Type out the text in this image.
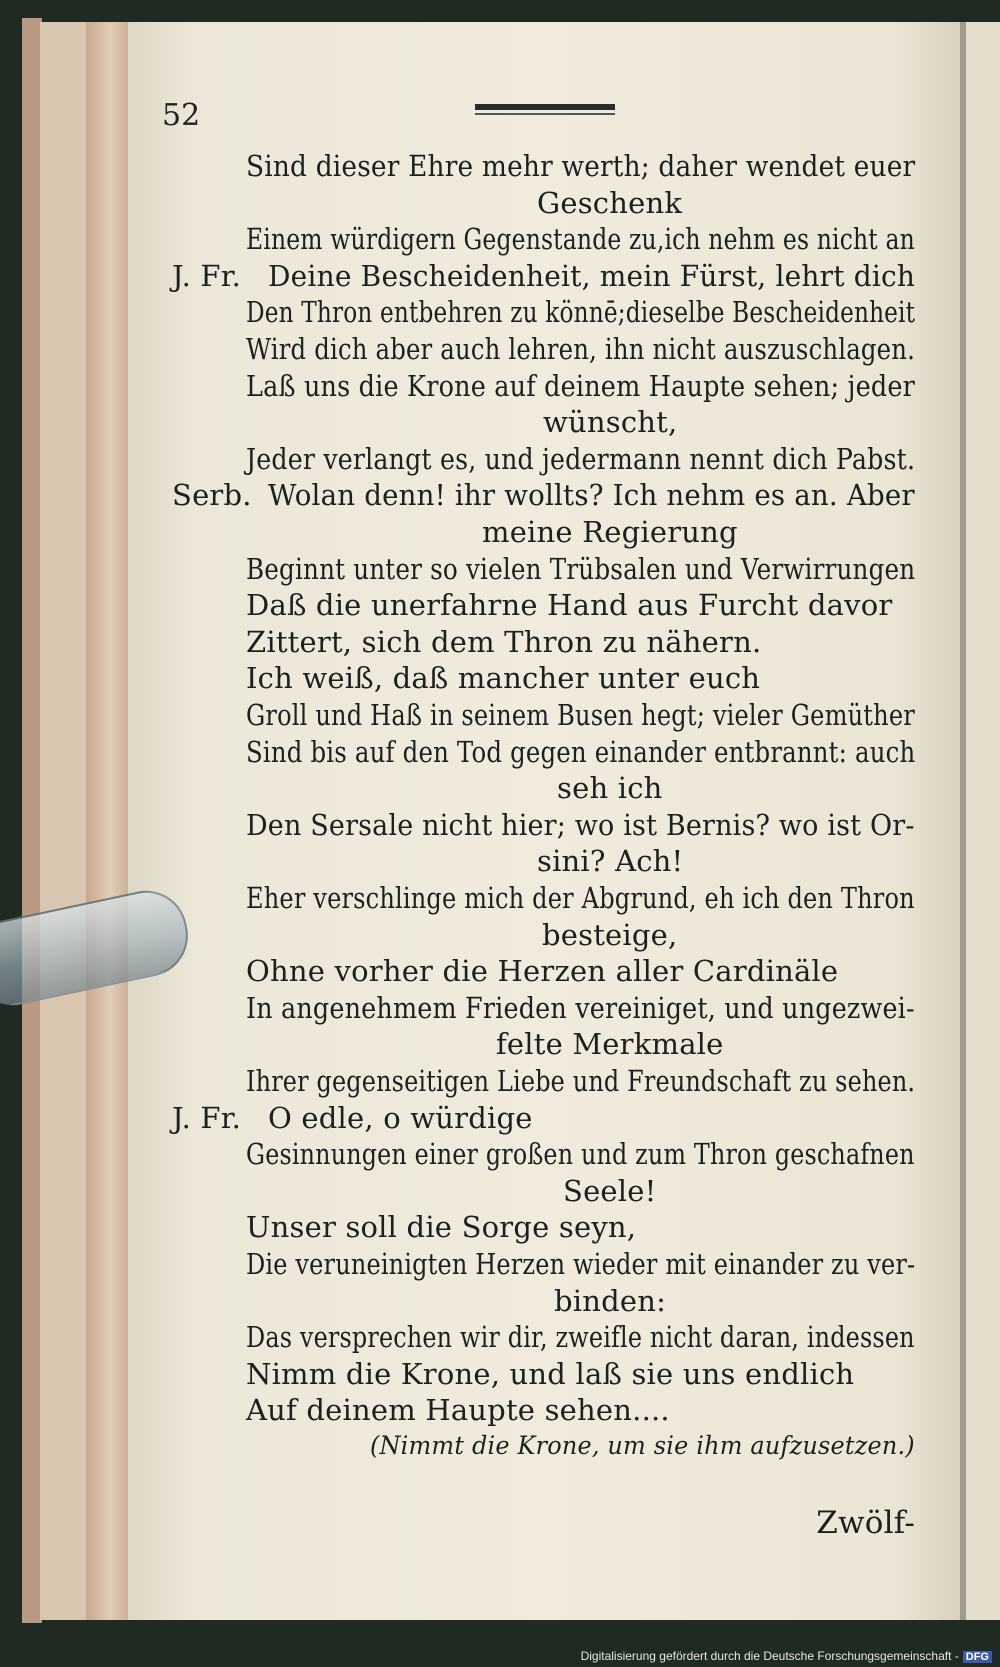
52
Sind dieser Ehre mehr werth; daher wendet euer
Geschenk
Einem würdigern Gegenstande zu,ich nehm es nicht an
J. Fr. Deine Bescheidenheit, mein Fürst, lehrt dich
Den Thron entbehren zu könnē;dieselbe Bescheidenheit
Wird dich aber auch lehren, ihn nicht auszuschlagen.
Laß uns die Krone auf deinem Haupte sehen; jeder
wünscht,
Jeder verlangt es, und jedermann nennt dich Pabst.
Serb. Wolan denn! ihr wollts? Ich nehm es an. Aber
meine Regierung
Beginnt unter so vielen Trübsalen und Verwirrungen
Daß die unerfahrne Hand aus Furcht davor
Zittert, sich dem Thron zu nähern.
Ich weiß, daß mancher unter euch
Groll und Haß in seinem Busen hegt; vieler Gemüther
Sind bis auf den Tod gegen einander entbrannt: auch
seh ich
Den Sersale nicht hier; wo ist Bernis? wo ist Or-
sini? Ach!
Eher verschlinge mich der Abgrund, eh ich den Thron
besteige,
Ohne vorher die Herzen aller Cardinäle
In angenehmem Frieden vereiniget, und ungezwei-
felte Merkmale
Ihrer gegenseitigen Liebe und Freundschaft zu sehen.
J. Fr. O edle, o würdige
Gesinnungen einer großen und zum Thron geschafnen
Seele!
Unser soll die Sorge seyn,
Die veruneinigten Herzen wieder mit einander zu ver-
binden:
Das versprechen wir dir, zweifle nicht daran, indessen
Nimm die Krone, und laß sie uns endlich
Auf deinem Haupte sehen....
(Nimmt die Krone, um sie ihm aufzusetzen.)
Zwölf-
Digitalisierung gefördert durch die Deutsche Forschungsgemeinschaft - DFG
